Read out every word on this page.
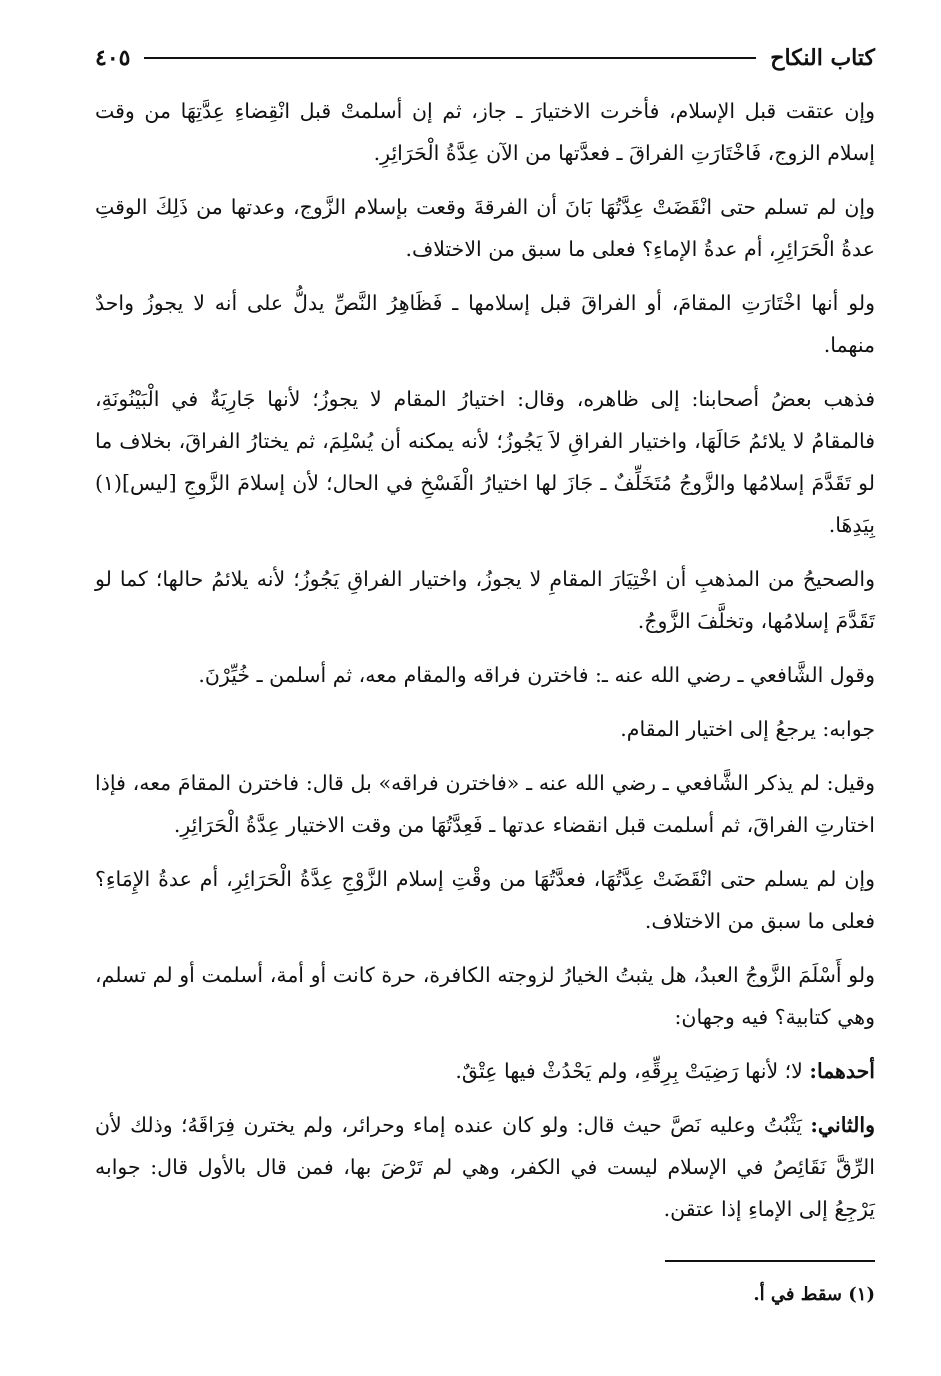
كتاب النكاح
٤٠٥

وإن عتقت قبل الإسلام، فأخرت الاختيارَ ـ جاز، ثم إن أسلمتْ قبل انْقِضاءِ عِدَّتِهَا من وقت إسلام الزوج، فَاخْتَارَتِ الفراقَ ـ فعدَّتها من الآن عِدَّةُ الْحَرَائِرِ.

وإن لم تسلم حتى انْقَضَتْ عِدَّتُهَا بَانَ أن الفرقةَ وقعت بإسلام الزَّوج، وعدتها من ذَلِكَ الوقتِ عدةُ الْحَرَائِرِ، أم عدةُ الإماءِ؟ فعلى ما سبق من الاختلاف.

ولو أنها اخْتَارَتِ المقامَ، أو الفراقَ قبل إسلامها ـ فَظَاهِرُ النَّصِّ يدلُّ على أنه لا يجوزُ واحدٌ منهما.

فذهب بعضُ أصحابنا: إلى ظاهره، وقال: اختيارُ المقام لا يجوزُ؛ لأنها جَارِيَةٌ في الْبَيْنُونَةِ، فالمقامُ لا يلائمُ حَالَهَا، واختيار الفراقِ لاَ يَجُوزُ؛ لأنه يمكنه أن يُسْلِمَ، ثم يختارُ الفراقَ، بخلاف ما لو تَقَدَّمَ إسلامُها والزَّوجُ مُتَخَلِّفٌ ـ جَازَ لها اختيارُ الْفَسْخِ في الحال؛ لأن إسلامَ الزَّوجِ [ليس](١) بِيَدِهَا.

والصحيحُ من المذهبِ أن اخْتِيَارَ المقامِ لا يجوزُ، واختيار الفراقِ يَجُوزُ؛ لأنه يلائمُ حالها؛ كما لو تَقَدَّمَ إسلامُها، وتخلَّفَ الزَّوجُ.

وقول الشَّافعي ـ رضي الله عنه ـ: فاخترن فراقه والمقام معه، ثم أسلمن ـ خُيِّرْنَ.

جوابه: يرجعُ إلى اختيار المقام.

وقيل: لم يذكر الشَّافعي ـ رضي الله عنه ـ «فاخترن فراقه» بل قال: فاخترن المقامَ معه، فإذا اختارتِ الفراقَ، ثم أسلمت قبل انقضاء عدتها ـ فَعِدَّتُهَا من وقت الاختيار عِدَّةُ الْحَرَائِرِ.

وإن لم يسلم حتى انْقَضَتْ عِدَّتُهَا، فعدَّتُهَا من وقْتِ إسلام الزَّوْجِ عِدَّةُ الْحَرَائِرِ، أم عدةُ الإِمَاءِ؟ فعلى ما سبق من الاختلاف.

ولو أَسْلَمَ الزَّوجُ العبدُ، هل يثبتُ الخيارُ لزوجته الكافرة، حرة كانت أو أمة، أسلمت أو لم تسلم، وهي كتابية؟ فيه وجهان:

أحدهما: لا؛ لأنها رَضِيَتْ بِرِقِّهِ، ولم يَحْدُثْ فيها عِتْقٌ.

والثاني: يَثْبُتُ وعليه نَصَّ حيث قال: ولو كان عنده إماء وحرائر، ولم يخترن فِرَاقَهُ؛ وذلك لأن الرِّقَّ نَقَائِصُ في الإسلام ليست في الكفر، وهي لم تَرْضَ بها، فمن قال بالأول قال: جوابه يَرْجِعُ إلى الإماءِ إذا عتقن.

(١) سقط في أ.
